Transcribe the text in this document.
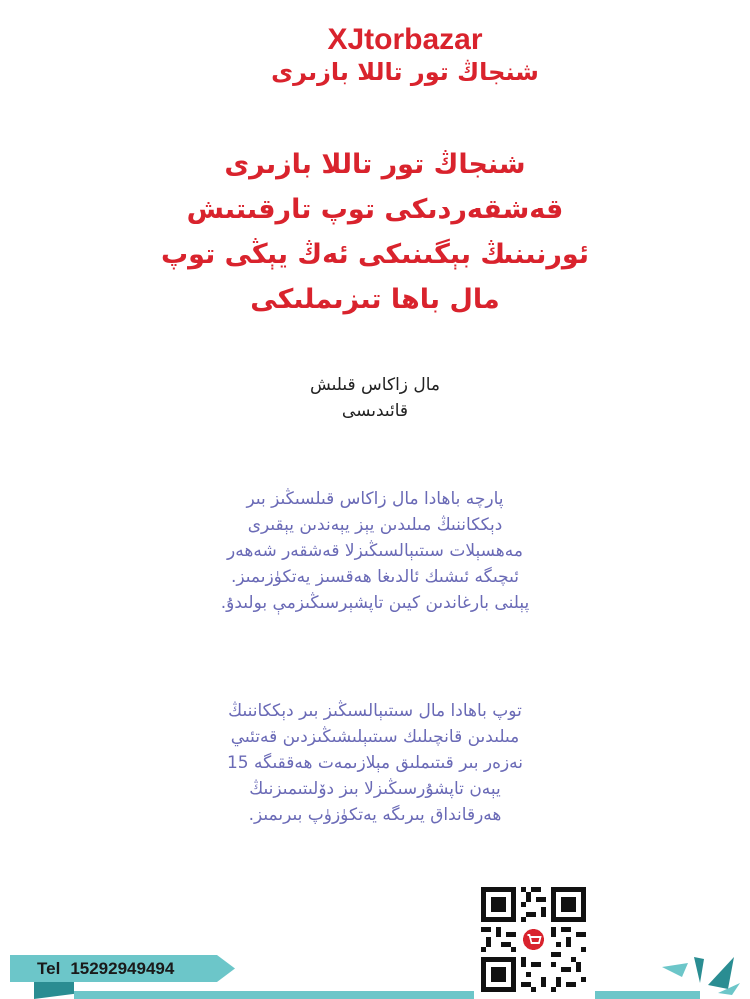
XJtorbazar
شنجاڭ تور تاللا بازىرى
شنجاڭ تور تاللا بازىرى
قەشقەردىكى توپ تارقىتىش
ئورنىنىڭ بېگىنىكى ئەڭ يېڭى توپ
مال باھا تىزىملىكى
مال زاكاس قىلىش
قائىدىسى
پارچە باھادا مال زاكاس قىلسىڭىز بىر
دېككاننىڭ مىلىدىن يېز يېەندىن يېقىرى
مەھسېلات سىتىېالسىڭىزلا قەشقەر شەھەر
ئىچىگە ئىشىك ئالدىغا ھەقسىز يەتكۈزىمىز.
پېلنى بارغاندىن كيىن تاپشېرسىڭىزمې بولىدۇ.
توپ باھادا مال سىتىېالسىڭىز بىر دېككاننىڭ
مىلىدىن قانچىلىك سىتىېلىشىڭىزدىن قەتئىي
نەزەر بىر قىتىملىق مېلازىمەت ھەققىگە 15
يېەن تاپشۇرسىڭىزلا بىز دۆلىتىمىزنىڭ
ھەرقانداق يىرىگە يەتكۈزۈپ بىرىمىز.
Tel 15292949494
